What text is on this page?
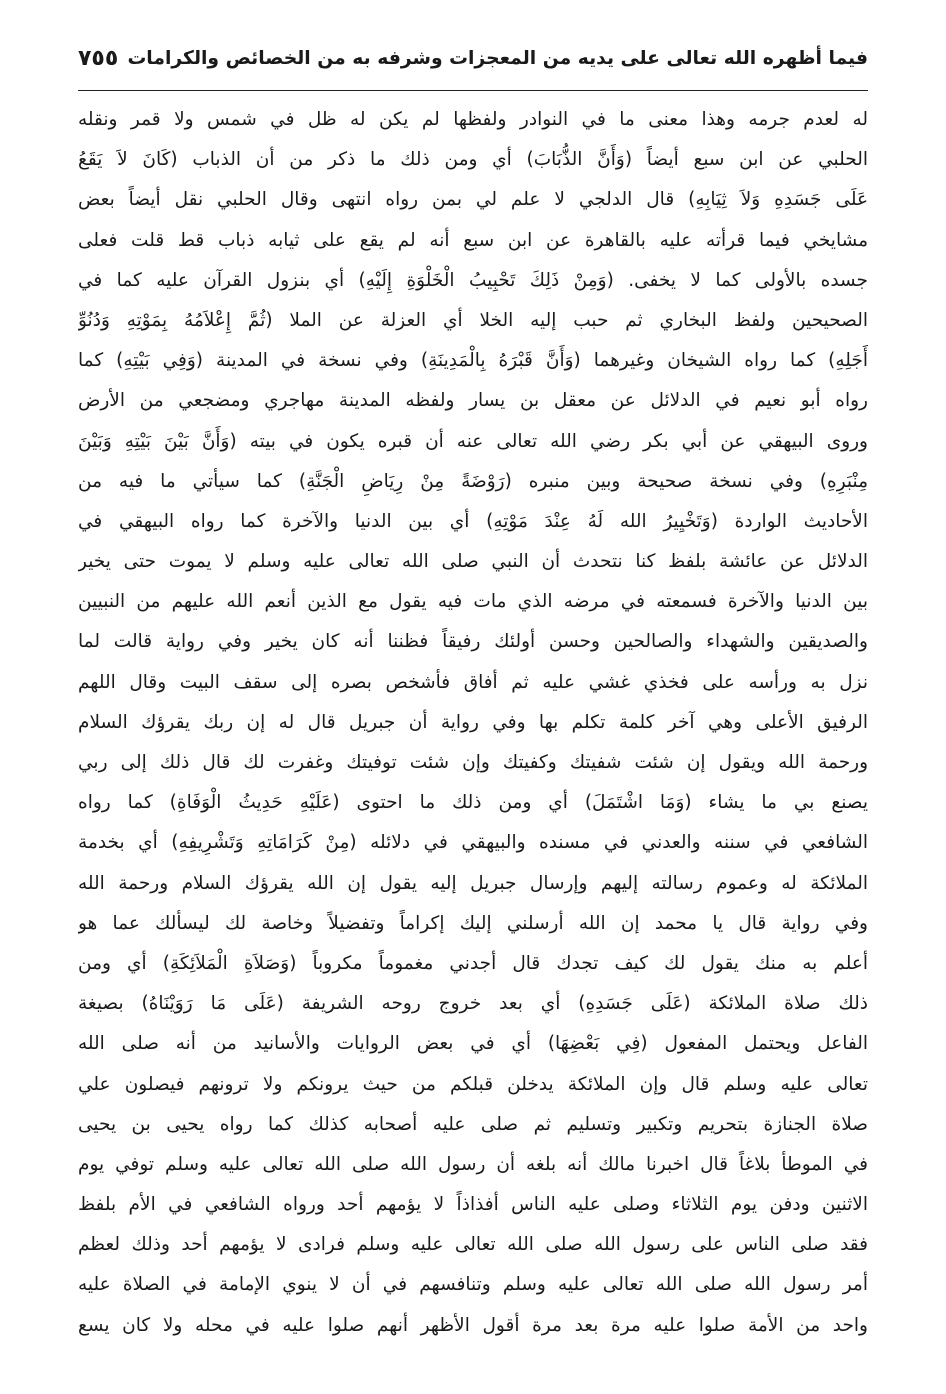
فيما أظهره الله تعالى على يديه من المعجزات وشرفه به من الخصائص والكرامات
٧٥٥
له لعدم جرمه وهذا معنى ما في النوادر ولفظها لم يكن له ظل في شمس ولا قمر ونقله
الحلبي عن ابن سبع أيضاً (وَأَنَّ الذُّبَابَ) أي ومن ذلك ما ذكر من أن الذباب (كَانَ لاَ يَقَعُ
عَلَى جَسَدِهِ وَلاَ ثِيَابِهِ) قال الدلجي لا علم لي بمن رواه انتهى وقال الحلبي نقل أيضاً بعض
مشايخي فيما قرأته عليه بالقاهرة عن ابن سبع أنه لم يقع على ثيابه ذباب قط قلت فعلى
جسده بالأولى كما لا يخفى. (وَمِنْ ذَلِكَ تَحْبِيبُ الْخَلْوَةِ إِلَيْهِ) أي بنزول القرآن عليه كما في
الصحيحين ولفظ البخاري ثم حبب إليه الخلا أي العزلة عن الملا (ثُمَّ إِعْلاَمُهُ بِمَوْتِهِ وَدُنُوِّ
أَجَلِهِ) كما رواه الشيخان وغيرهما (وَأَنَّ قَبْرَهُ بِالْمَدِينَةِ) وفي نسخة في المدينة (وَفِي بَيْتِهِ) كما
رواه أبو نعيم في الدلائل عن معقل بن يسار ولفظه المدينة مهاجري ومضجعي من الأرض
وروى البيهقي عن أبي بكر رضي الله تعالى عنه أن قبره يكون في بيته (وَأَنَّ بَيْنَ بَيْتِهِ وَبَيْنَ
مِنْبَرِهِ) وفي نسخة صحيحة وبين منبره (رَوْضَةً مِنْ رِيَاضِ الْجَنَّةِ) كما سيأتي ما فيه من
الأحاديث الواردة (وَتَخْيِيرُ الله لَهُ عِنْدَ مَوْتِهِ) أي بين الدنيا والآخرة كما رواه البيهقي في
الدلائل عن عائشة بلفظ كنا نتحدث أن النبي صلى الله تعالى عليه وسلم لا يموت حتى يخير
بين الدنيا والآخرة فسمعته في مرضه الذي مات فيه يقول مع الذين أنعم الله عليهم من النبيين
والصديقين والشهداء والصالحين وحسن أولئك رفيقاً فظننا أنه كان يخير وفي رواية قالت لما
نزل به ورأسه على فخذي غشي عليه ثم أفاق فأشخص بصره إلى سقف البيت وقال اللهم
الرفيق الأعلى وهي آخر كلمة تكلم بها وفي رواية أن جبريل قال له إن ربك يقرؤك السلام
ورحمة الله ويقول إن شئت شفيتك وكفيتك وإن شئت توفيتك وغفرت لك قال ذلك إلى ربي
يصنع بي ما يشاء (وَمَا اشْتَمَلَ) أي ومن ذلك ما احتوى (عَلَيْهِ حَدِيثُ الْوَفَاةِ) كما رواه
الشافعي في سننه والعدني في مسنده والبيهقي في دلائله (مِنْ كَرَامَاتِهِ وَتَشْرِيفِهِ) أي بخدمة
الملائكة له وعموم رسالته إليهم وإرسال جبريل إليه يقول إن الله يقرؤك السلام ورحمة الله
وفي رواية قال يا محمد إن الله أرسلني إليك إكراماً وتفضيلاً وخاصة لك ليسألك عما هو
أعلم به منك يقول لك كيف تجدك قال أجدني مغموماً مكروباً (وَصَلاَةِ الْمَلاَئِكَةِ) أي ومن
ذلك صلاة الملائكة (عَلَى جَسَدِهِ) أي بعد خروج روحه الشريفة (عَلَى مَا رَوَيْنَاهُ) بصيغة
الفاعل ويحتمل المفعول (فِي بَعْضِهَا) أي في بعض الروايات والأسانيد من أنه صلى الله
تعالى عليه وسلم قال وإن الملائكة يدخلن قبلكم من حيث يرونكم ولا ترونهم فيصلون علي
صلاة الجنازة بتحريم وتكبير وتسليم ثم صلى عليه أصحابه كذلك كما رواه يحيى بن يحيى
في الموطأ بلاغاً قال اخبرنا مالك أنه بلغه أن رسول الله صلى الله تعالى عليه وسلم توفي يوم
الاثنين ودفن يوم الثلاثاء وصلى عليه الناس أفذاذاً لا يؤمهم أحد ورواه الشافعي في الأم بلفظ
فقد صلى الناس على رسول الله صلى الله تعالى عليه وسلم فرادى لا يؤمهم أحد وذلك لعظم
أمر رسول الله صلى الله تعالى عليه وسلم وتنافسهم في أن لا ينوي الإمامة في الصلاة عليه
واحد من الأمة صلوا عليه مرة بعد مرة أقول الأظهر أنهم صلوا عليه في محله ولا كان يسع
